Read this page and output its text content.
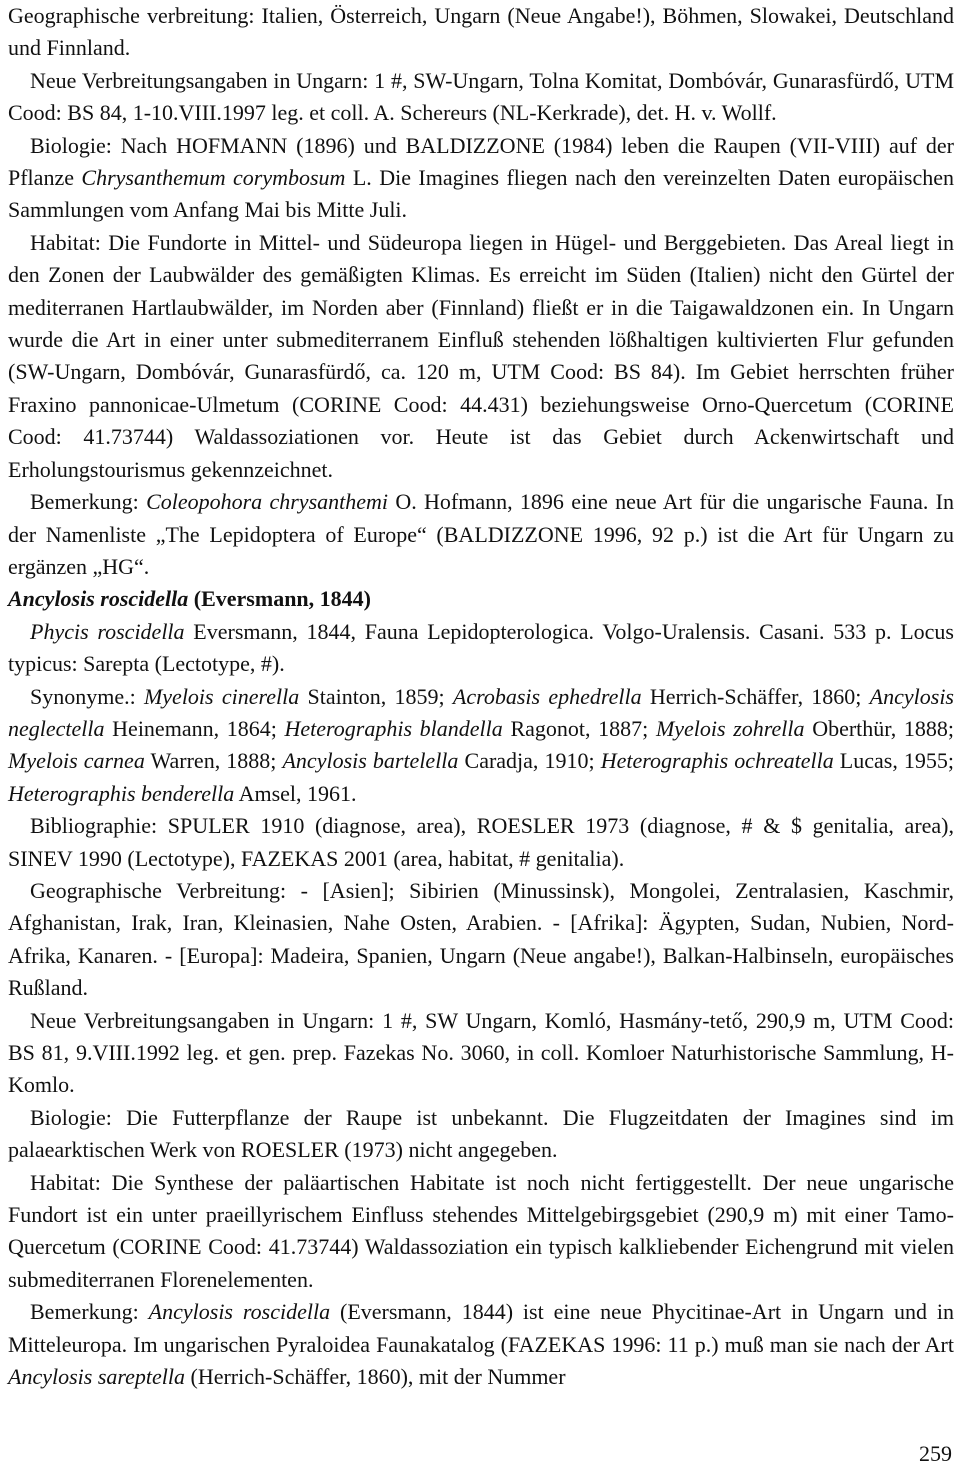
Geographische verbreitung: Italien, Österreich, Ungarn (Neue Angabe!), Böhmen, Slowakei, Deutschland und Finnland.

Neue Verbreitungsangaben in Ungarn: 1 #, SW-Ungarn, Tolna Komitat, Dombóvár, Gunarasfürdő, UTM Cood: BS 84, 1-10.VIII.1997 leg. et coll. A. Schereurs (NL-Kerkrade), det. H. v. Wollf.

Biologie: Nach HOFMANN (1896) und BALDIZZONE (1984) leben die Raupen (VII-VIII) auf der Pflanze Chrysanthemum corymbosum L. Die Imagines fliegen nach den vereinzelten Daten europäischen Sammlungen vom Anfang Mai bis Mitte Juli.

Habitat: Die Fundorte in Mittel- und Südeuropa liegen in Hügel- und Berggebieten. Das Areal liegt in den Zonen der Laubwälder des gemäßigten Klimas. Es erreicht im Süden (Italien) nicht den Gürtel der mediterranen Hartlaubwälder, im Norden aber (Finnland) fließt er in die Taigawaldzonen ein. In Ungarn wurde die Art in einer unter submediterranem Einfluß stehenden lößhaltigen kultivierten Flur gefunden (SW-Ungarn, Dombóvár, Gunarasfürdő, ca. 120 m, UTM Cood: BS 84). Im Gebiet herrschten früher Fraxino pannonicae-Ulmetum (CORINE Cood: 44.431) beziehungsweise Orno-Quercetum (CORINE Cood: 41.73744) Waldassoziationen vor. Heute ist das Gebiet durch Ackenwirtschaft und Erholungstourismus gekennzeichnet.

Bemerkung: Coleopohora chrysanthemi O. Hofmann, 1896 eine neue Art für die ungarische Fauna. In der Namenliste „The Lepidoptera of Europe“ (BALDIZZONE 1996, 92 p.) ist die Art für Ungarn zu ergänzen „HG“.

Ancylosis roscidella (Eversmann, 1844)

Phycis roscidella Eversmann, 1844, Fauna Lepidopterologica. Volgo-Uralensis. Casani. 533 p. Locus typicus: Sarepta (Lectotype, #).

Synonyme.: Myelois cinerella Stainton, 1859; Acrobasis ephedrella Herrich-Schäffer, 1860; Ancylosis neglectella Heinemann, 1864; Heterographis blandella Ragonot, 1887; Myelois zohrella Oberthür, 1888; Myelois carnea Warren, 1888; Ancylosis bartelella Caradja, 1910; Heterographis ochreatella Lucas, 1955; Heterographis benderella Amsel, 1961.

Bibliographie: SPULER 1910 (diagnose, area), ROESLER 1973 (diagnose, # & $ genitalia, area), SINEV 1990 (Lectotype), FAZEKAS 2001 (area, habitat, # genitalia).

Geographische Verbreitung: - [Asien]; Sibirien (Minussinsk), Mongolei, Zentralasien, Kaschmir, Afghanistan, Irak, Iran, Kleinasien, Nahe Osten, Arabien. - [Afrika]: Ägypten, Sudan, Nubien, Nord-Afrika, Kanaren. - [Europa]: Madeira, Spanien, Ungarn (Neue angabe!), Balkan-Halbinseln, europäisches Rußland.

Neue Verbreitungsangaben in Ungarn: 1 #, SW Ungarn, Komló, Hasmány-tető, 290,9 m, UTM Cood: BS 81, 9.VIII.1992 leg. et gen. prep. Fazekas No. 3060, in coll. Komloer Naturhistorische Sammlung, H-Komlo.

Biologie: Die Futterpflanze der Raupe ist unbekannt. Die Flugzeitdaten der Imagines sind im palaearktischen Werk von ROESLER (1973) nicht angegeben.

Habitat: Die Synthese der paläartischen Habitate ist noch nicht fertiggestellt. Der neue ungarische Fundort ist ein unter praeillyrischem Einfluss stehendes Mittelgebirgsgebiet (290,9 m) mit einer Tamo-Quercetum (CORINE Cood: 41.73744) Waldassoziation ein typisch kalkliebender Eichengrund mit vielen submediterranen Florenelementen.

Bemerkung: Ancylosis roscidella (Eversmann, 1844) ist eine neue Phycitinae-Art in Ungarn und in Mitteleuropa. Im ungarischen Pyraloidea Faunakatalog (FAZEKAS 1996: 11 p.) muß man sie nach der Art Ancylosis sareptella (Herrich-Schäffer, 1860), mit der Nummer

259
